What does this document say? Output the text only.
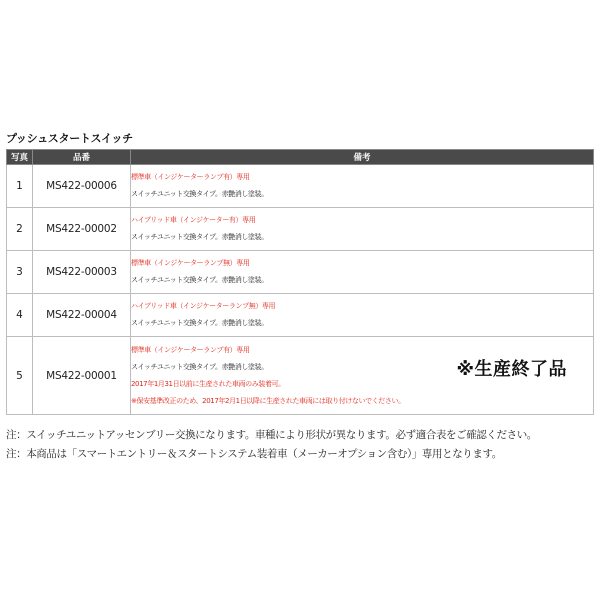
プッシュスタートスイッチ
写真	品番	備考
1	MS422-00006	標準車（インジケーターランプ有）専用
スイッチユニット交換タイプ。赤艶消し塗装。

2	MS422-00002	ハイブリッド車（インジケーター有）専用
スイッチユニット交換タイプ。赤艶消し塗装。

3	MS422-00003	標準車（インジケーターランプ無）専用
スイッチユニット交換タイプ。赤艶消し塗装。

4	MS422-00004	ハイブリッド車（インジケーターランプ無）専用
スイッチユニット交換タイプ。赤艶消し塗装。

5	MS422-00001	標準車（インジケーターランプ有）専用
スイッチユニット交換タイプ。赤艶消し塗装。
2017年1月31日以前に生産された車両のみ装着可。
※保安基準改正のため、2017年2月1日以降に生産された車両には取り付けないでください。
※生産終了品
注：スイッチユニットアッセンブリー交換になります。車種により形状が異なります。必ず適合表をご確認ください。
注：本商品は「スマートエントリー＆スタートシステム装着車（メーカーオプション含む）」専用となります。
